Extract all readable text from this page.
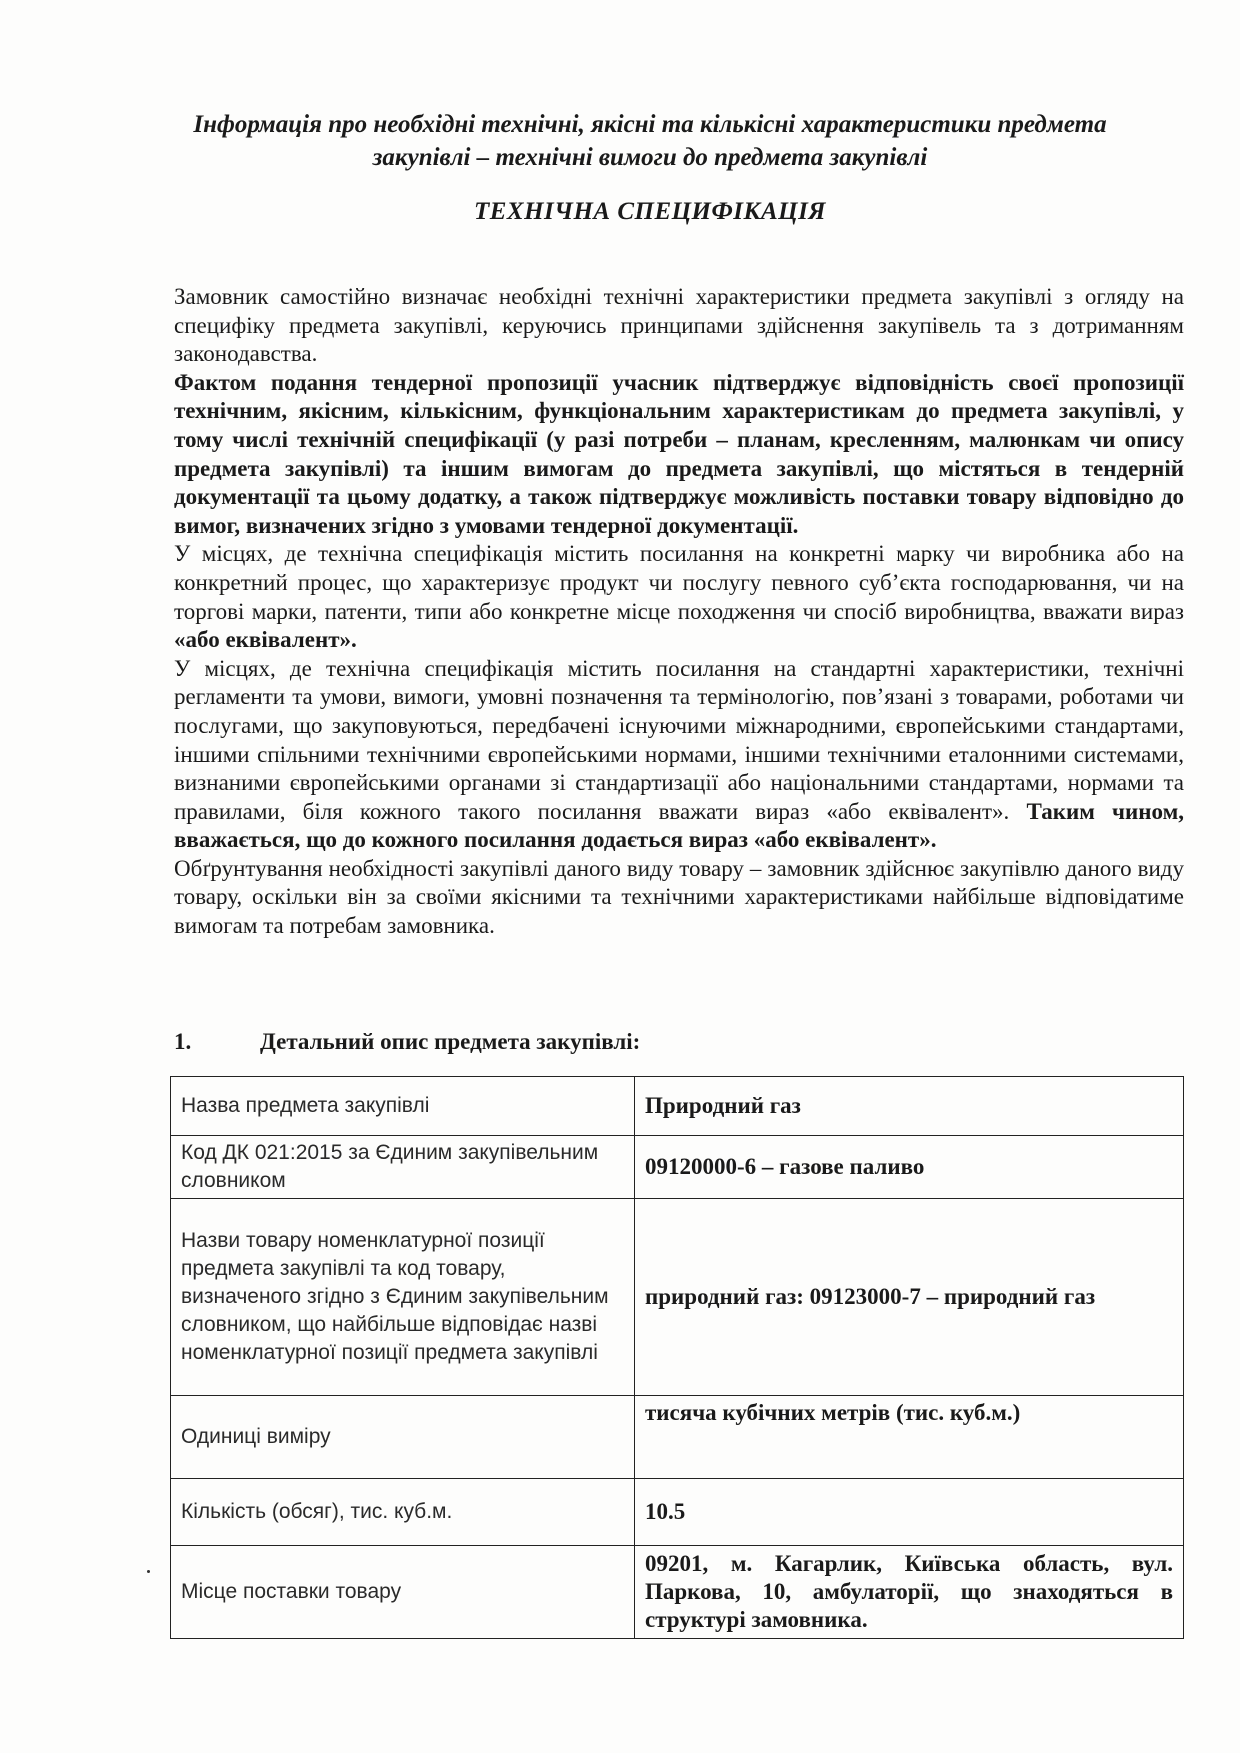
Інформація про необхідні технічні, якісні та кількісні характеристики предмета закупівлі – технічні вимоги до предмета закупівлі
ТЕХНІЧНА СПЕЦИФІКАЦІЯ

Замовник самостійно визначає необхідні технічні характеристики предмета закупівлі з огляду на специфіку предмета закупівлі, керуючись принципами здійснення закупівель та з дотриманням законодавства.

Фактом подання тендерної пропозиції учасник підтверджує відповідність своєї пропозиції технічним, якісним, кількісним, функціональним характеристикам до предмета закупівлі, у тому числі технічній специфікації (у разі потреби – планам, кресленням, малюнкам чи опису предмета закупівлі) та іншим вимогам до предмета закупівлі, що містяться в тендерній документації та цьому додатку, а також підтверджує можливість поставки товару відповідно до вимог, визначених згідно з умовами тендерної документації.

У місцях, де технічна специфікація містить посилання на конкретні марку чи виробника або на конкретний процес, що характеризує продукт чи послугу певного суб’єкта господарювання, чи на торгові марки, патенти, типи або конкретне місце походження чи спосіб виробництва, вважати вираз «або еквівалент».

У місцях, де технічна специфікація містить посилання на стандартні характеристики, технічні регламенти та умови, вимоги, умовні позначення та термінологію, пов’язані з товарами, роботами чи послугами, що закуповуються, передбачені існуючими міжнародними, європейськими стандартами, іншими спільними технічними європейськими нормами, іншими технічними еталонними системами, визнаними європейськими органами зі стандартизації або національними стандартами, нормами та правилами, біля кожного такого посилання вважати вираз «або еквівалент». Таким чином, вважається, що до кожного посилання додається вираз «або еквівалент».

Обґрунтування необхідності закупівлі даного виду товару – замовник здійснює закупівлю даного виду товару, оскільки він за своїми якісними та технічними характеристиками найбільше відповідатиме вимогам та потребам замовника.

1.	Детальний опис предмета закупівлі:
Назва предмета закупівлі	Природний газ
Код ДК 021:2015 за Єдиним закупівельним словником	09120000-6 – газове паливо
Назви товару номенклатурної позиції предмета закупівлі та код товару, визначеного згідно з Єдиним закупівельним словником, що найбільше відповідає назві номенклатурної позиції предмета закупівлі	природний газ: 09123000-7 – природний газ
Одиниці виміру	тисяча кубічних метрів (тис. куб.м.)
Кількість (обсяг), тис. куб.м.	10.5
Місце поставки товару	09201, м. Кагарлик, Київська область, вул. Паркова, 10, амбулаторії, що знаходяться в структурі замовника.
